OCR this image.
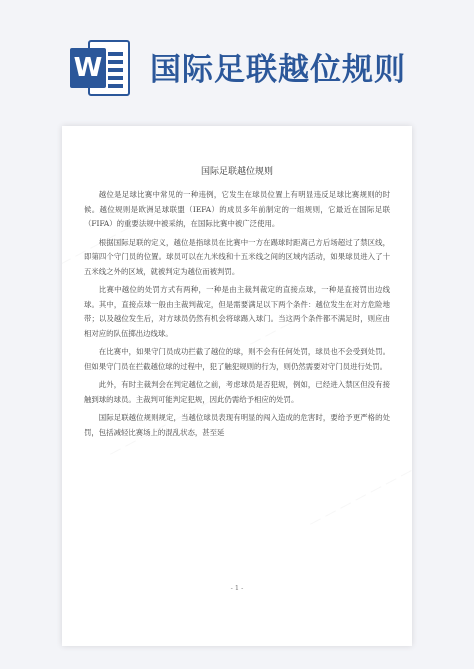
W 国际足联越位规则
国际足联越位规则

越位是足球比赛中常见的一种违例，它发生在球员位置上有明显违反足球比赛规则的时候。越位规则是欧洲足球联盟（IEFA）的成员多年前制定的一组规则，它最近在国际足联（FIFA）的重要法规中被采纳，在国际比赛中被广泛使用。

根据国际足联的定义，越位是指球员在比赛中一方在踢球时距离己方后场超过了禁区线，即第四个守门员的位置。球员可以在九米线和十五米线之间的区域内活动，如果球员进入了十五米线之外的区域，就被判定为越位而被判罚。

比赛中越位的处罚方式有两种，一种是由主裁判裁定的直接点球，一种是直接罚出边线球。其中，直接点球一般由主裁判裁定，但是需要满足以下两个条件：越位发生在对方危险地带；以及越位发生后，对方球员仍然有机会将球踢入球门。当这两个条件都不满足时，则应由相对应的队伍掷出边线球。

在比赛中，如果守门员成功拦截了越位的球，则不会有任何处罚，球员也不会受到处罚。但如果守门员在拦截越位球的过程中，犯了触犯规则的行为，则仍然需要对守门员进行处罚。

此外，有时主裁判会在判定越位之前，考虑球员是否犯规，例如，已经进入禁区但没有接触到球的球员。主裁判可能判定犯规，因此仍需给予相应的处罚。

国际足联越位规则规定，当越位球员表现有明显的闯入造成的危害时，要给予更严格的处罚，包括减轻比赛场上的混乱状态，甚至延

- 1 -
